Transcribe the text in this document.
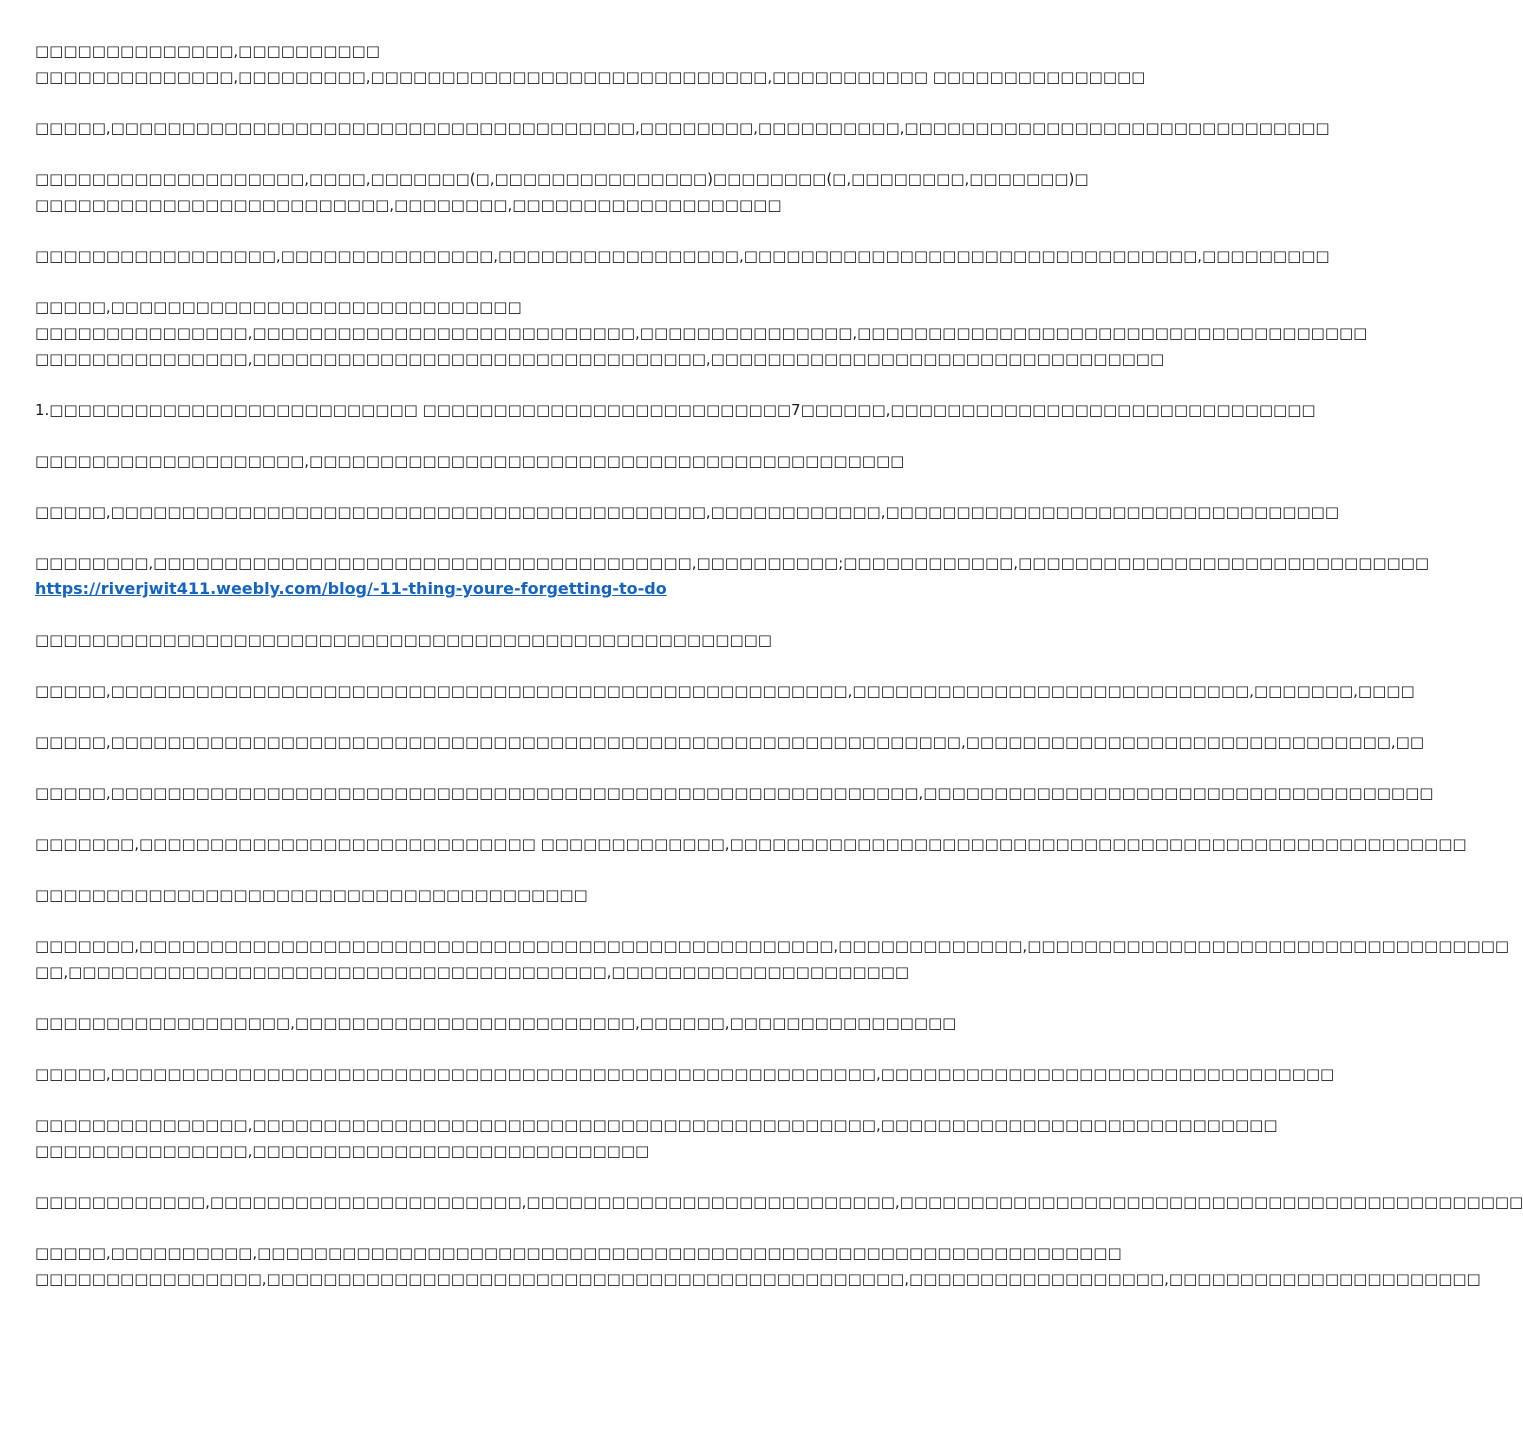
□□□□□□□□□□□□□□,□□□□□□□□□□
□□□□□□□□□□□□□□,□□□□□□□□□,□□□□□□□□□□□□□□□□□□□□□□□□□□□□,□□□□□□□□□□□ □□□□□□□□□□□□□□□
□□□□□,□□□□□□□□□□□□□□□□□□□□□□□□□□□□□□□□□□□□□,□□□□□□□□,□□□□□□□□□□,□□□□□□□□□□□□□□□□□□□□□□□□□□□□□□
□□□□□□□□□□□□□□□□□□□,□□□□,□□□□□□□(□,□□□□□□□□□□□□□□□)□□□□□□□□(□,□□□□□□□□,□□□□□□□)□
□□□□□□□□□□□□□□□□□□□□□□□□□,□□□□□□□□,□□□□□□□□□□□□□□□□□□□
□□□□□□□□□□□□□□□□□,□□□□□□□□□□□□□□□,□□□□□□□□□□□□□□□□□,□□□□□□□□□□□□□□□□□□□□□□□□□□□□□□□□,□□□□□□□□□
□□□□□,□□□□□□□□□□□□□□□□□□□□□□□□□□□□□
□□□□□□□□□□□□□□□,□□□□□□□□□□□□□□□□□□□□□□□□□□□,□□□□□□□□□□□□□□□,□□□□□□□□□□□□□□□□□□□□□□□□□□□□□□□□□□□□
□□□□□□□□□□□□□□□,□□□□□□□□□□□□□□□□□□□□□□□□□□□□□□□□,□□□□□□□□□□□□□□□□□□□□□□□□□□□□□□□□
1.□□□□□□□□□□□□□□□□□□□□□□□□□□ □□□□□□□□□□□□□□□□□□□□□□□□□□7□□□□□□,□□□□□□□□□□□□□□□□□□□□□□□□□□□□□□
□□□□□□□□□□□□□□□□□□□,□□□□□□□□□□□□□□□□□□□□□□□□□□□□□□□□□□□□□□□□□□
□□□□□,□□□□□□□□□□□□□□□□□□□□□□□□□□□□□□□□□□□□□□□□□□,□□□□□□□□□□□□,□□□□□□□□□□□□□□□□□□□□□□□□□□□□□□□□
□□□□□□□□,□□□□□□□□□□□□□□□□□□□□□□□□□□□□□□□□□□□□□□,□□□□□□□□□□;□□□□□□□□□□□□,□□□□□□□□□□□□□□□□□□□□□□□□□□□□□
https://riverjwit411.weebly.com/blog/-11-thing-youre-forgetting-to-do
□□□□□□□□□□□□□□□□□□□□□□□□□□□□□□□□□□□□□□□□□□□□□□□□□□□□
□□□□□,□□□□□□□□□□□□□□□□□□□□□□□□□□□□□□□□□□□□□□□□□□□□□□□□□□□□,□□□□□□□□□□□□□□□□□□□□□□□□□□□□,□□□□□□□,□□□□
□□□□□,□□□□□□□□□□□□□□□□□□□□□□□□□□□□□□□□□□□□□□□□□□□□□□□□□□□□□□□□□□□□,□□□□□□□□□□□□□□□□□□□□□□□□□□□□□□,□□
□□□□□,□□□□□□□□□□□□□□□□□□□□□□□□□□□□□□□□□□□□□□□□□□□□□□□□□□□□□□□□□,□□□□□□□□□□□□□□□□□□□□□□□□□□□□□□□□□□□□
□□□□□□□,□□□□□□□□□□□□□□□□□□□□□□□□□□□□ □□□□□□□□□□□□□,□□□□□□□□□□□□□□□□□□□□□□□□□□□□□□□□□□□□□□□□□□□□□□□□□□□□
□□□□□□□□□□□□□□□□□□□□□□□□□□□□□□□□□□□□□□□
□□□□□□□,□□□□□□□□□□□□□□□□□□□□□□□□□□□□□□□□□□□□□□□□□□□□□□□□□,□□□□□□□□□□□□□,□□□□□□□□□□□□□□□□□□□□□□□□□□□□□□□□□□
□□,□□□□□□□□□□□□□□□□□□□□□□□□□□□□□□□□□□□□□□,□□□□□□□□□□□□□□□□□□□□□
□□□□□□□□□□□□□□□□□□,□□□□□□□□□□□□□□□□□□□□□□□□,□□□□□□,□□□□□□□□□□□□□□□□
□□□□□,□□□□□□□□□□□□□□□□□□□□□□□□□□□□□□□□□□□□□□□□□□□□□□□□□□□□□□,□□□□□□□□□□□□□□□□□□□□□□□□□□□□□□□□
□□□□□□□□□□□□□□□,□□□□□□□□□□□□□□□□□□□□□□□□□□□□□□□□□□□□□□□□□□□□,□□□□□□□□□□□□□□□□□□□□□□□□□□□□
□□□□□□□□□□□□□□□,□□□□□□□□□□□□□□□□□□□□□□□□□□□□
□□□□□□□□□□□□,□□□□□□□□□□□□□□□□□□□□□□,□□□□□□□□□□□□□□□□□□□□□□□□□□,□□□□□□□□□□□□□□□□□□□□□□□□□□□□□□□□□□□□□□□□□□□□
□□□□□,□□□□□□□□□□,□□□□□□□□□□□□□□□□□□□□□□□□□□□□□□□□□□□□□□□□□□□□□□□□□□□□□□□□□□□□□
□□□□□□□□□□□□□□□□,□□□□□□□□□□□□□□□□□□□□□□□□□□□□□□□□□□□□□□□□□□□□□,□□□□□□□□□□□□□□□□□□,□□□□□□□□□□□□□□□□□□□□□□
